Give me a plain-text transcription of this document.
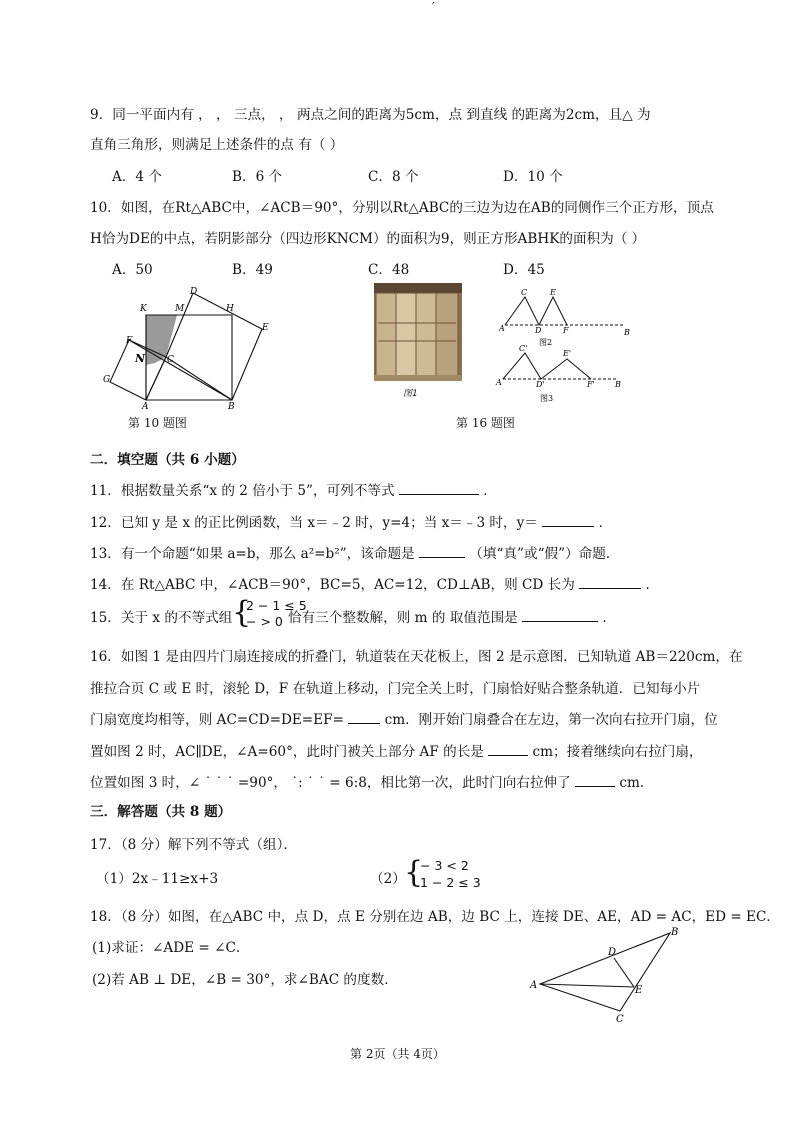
′
9．同一平面内有 ， ， 三点， ， 两点之间的距离为5cm，点 到直线 的距离为2cm，且△ 为
直角三角形，则满足上述条件的点 有（ ）
A．4 个	B．6 个	C．8 个	D．10 个
10．如图，在Rt△ABC中，∠ACB＝90°，分别以Rt△ABC的三边为边在AB的同侧作三个正方形，顶点
H恰为DE的中点，若阴影部分（四边形KNCM）的面积为9，则正方形ABHK的面积为（ ）
A．50	B．49	C．48	D．45
K	M
D
H
E
F
N C
G
A	B
第 10 题图
图1
C	E
A	D	F	B
图2
C'
E'
A	D'	F'	B
图3
第 16 题图
二．填空题（共 6 小题）
11．根据数量关系“x 的 2 倍小于 5”，可列不等式	．
12．已知 y 是 x 的正比例函数，当 x＝﹣2 时，y=4；当 x＝﹣3 时，y＝	．
13．有一个命题“如果 a=b，那么 a²=b²”，该命题是	（填“真”或“假”）命题．
14．在 Rt△ABC 中，∠ACB＝90°，BC=5，AC=12，CD⊥AB，则 CD 长为	．
15．关于 x 的不等式组 {
2 − 1 ≤ 5
− > 0 恰有三个整数解，则 m 的 取值范围是	．
16．如图 1 是由四片门扇连接成的折叠门，轨道装在天花板上，图 2 是示意图．已知轨道 AB＝220cm，在
推拉合页 C 或 E 时，滚轮 D，F 在轨道上移动，门完全关上时，门扇恰好贴合整条轨道．已知每小片
门扇宽度均相等，则 AC=CD=DE=EF=	cm．刚开始门扇叠合在左边，第一次向右拉开门扇，位
置如图 2 时，AC∥DE，∠A=60°，此时门被关上部分 AF 的长是	cm；接着继续向右拉门扇，
位置如图 3 时，∠ ˙ ˙ ˙ =90°， ˙: ˙ ˙ = 6:8，相比第一次，此时门向右拉伸了	cm.
三．解答题（共 8 题）
17．（8 分）解下列不等式（组）．
（1）2x﹣11≥x+3	（2）
{
− 3 < 2
1 − 2 ≤ 3
18．（8 分）如图，在△ABC 中，点 D，点 E 分别在边 AB，边 BC 上，连接 DE、AE，AD = AC，ED = EC．
(1)求证：∠ADE = ∠C．
(2)若 AB ⊥ DE，∠B = 30°，求∠BAC 的度数．	A
B
C
D
E
第 2页（共 4页）
